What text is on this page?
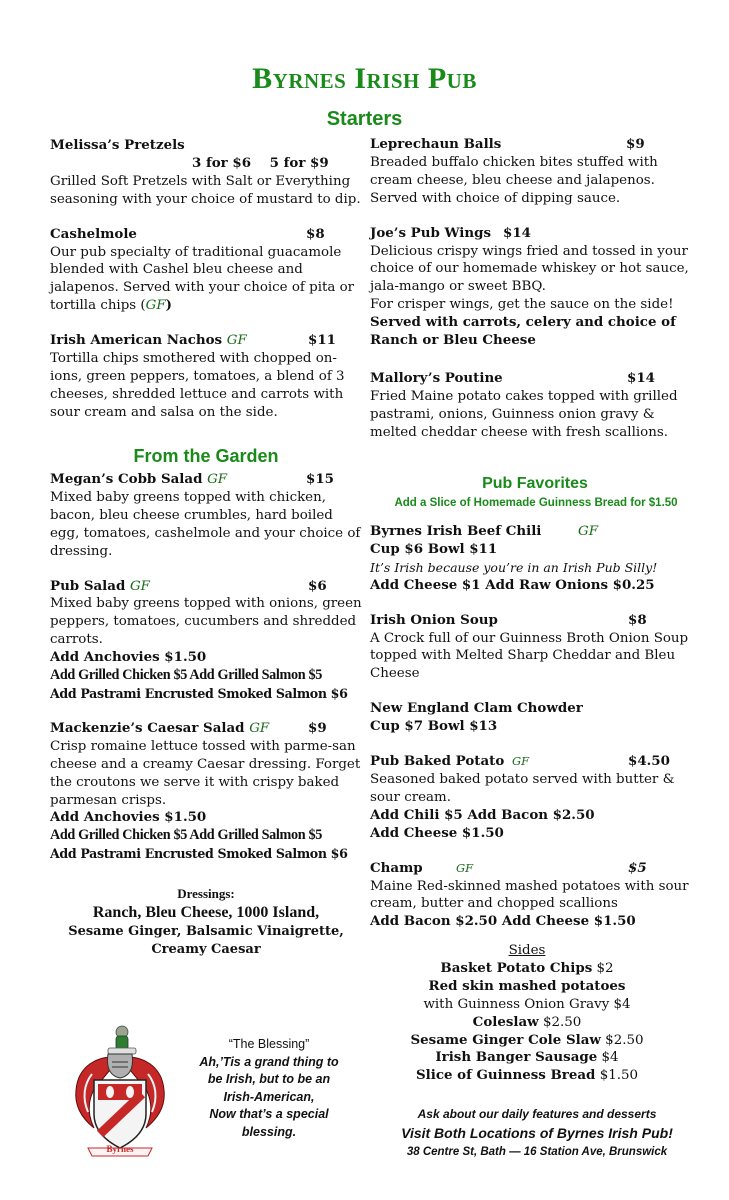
Byrnes Irish Pub
Starters
Melissa’s Pretzels
3 for $6    5 for $9

Grilled Soft Pretzels with Salt or Everything seasoning with your choice of mustard to dip.

Cashelmole	$8

Our pub specialty of traditional guacamole blended with Cashel bleu cheese and jalapenos. Served with your choice of pita or tortilla chips (GF)

Irish American Nachos GF	$11

Tortilla chips smothered with chopped on-ions, green peppers, tomatoes, a blend of 3 cheeses, shredded lettuce and carrots with sour cream and salsa on the side.

From the Garden
Megan’s Cobb Salad GF	$15

Mixed baby greens topped with chicken, bacon, bleu cheese crumbles, hard boiled egg, tomatoes, cashelmole and your choice of dressing.

Pub Salad GF	$6

Mixed baby greens topped with onions, green peppers, tomatoes, cucumbers and shredded carrots.

Add Anchovies $1.50
Add Grilled Chicken $5 Add Grilled Salmon $5
Add Pastrami Encrusted Smoked Salmon $6
Mackenzie’s Caesar Salad GF	$9

Crisp romaine lettuce tossed with parme-san cheese and a creamy Caesar dressing. Forget the croutons we serve it with crispy baked parmesan crisps.

Add Anchovies $1.50
Add Grilled Chicken $5 Add Grilled Salmon $5
Add Pastrami Encrusted Smoked Salmon $6
Dressings:
Ranch, Bleu Cheese, 1000 Island,
Sesame Ginger, Balsamic Vinaigrette,
Creamy Caesar
Leprechaun Balls	$9

Breaded buffalo chicken bites stuffed with cream cheese, bleu cheese and jalapenos. Served with choice of dipping sauce.

Joe’s Pub Wings $14

Delicious crispy wings fried and tossed in your choice of our homemade whiskey or hot sauce, jala-mango or sweet BBQ.

For crisper wings, get the sauce on the side!

Served with carrots, celery and choice of Ranch or Bleu Cheese

Mallory’s Poutine	$14

Fried Maine potato cakes topped with grilled pastrami, onions, Guinness onion gravy & melted cheddar cheese with fresh scallions.

Pub Favorites
Add a Slice of Homemade Guinness Bread for $1.50
Byrnes Irish Beef Chili	GF
Cup $6 Bowl $11

It’s Irish because you’re in an Irish Pub Silly!

Add Cheese $1 Add Raw Onions $0.25
Irish Onion Soup	$8

A Crock full of our Guinness Broth Onion Soup topped with Melted Sharp Cheddar and Bleu Cheese

New England Clam Chowder
Cup $7 Bowl $13
Pub Baked Potato GF	$4.50

Seasoned baked potato served with butter & sour cream.

Add Chili $5 Add Bacon $2.50
Add Cheese $1.50
Champ	GF	$5

Maine Red-skinned mashed potatoes with sour cream, butter and chopped scallions

Add Bacon $2.50 Add Cheese $1.50
Sides
Basket Potato Chips $2
Red skin mashed potatoes
with Guinness Onion Gravy $4
Coleslaw $2.50
Sesame Ginger Cole Slaw $2.50
Irish Banger Sausage $4
Slice of Guinness Bread $1.50
Byrnes
“The Blessing”
Ah,’Tis a grand thing to
be Irish, but to be an
Irish-American,
Now that’s a special
blessing.
Ask about our daily features and desserts
Visit Both Locations of Byrnes Irish Pub!
38 Centre St, Bath — 16 Station Ave, Brunswick
